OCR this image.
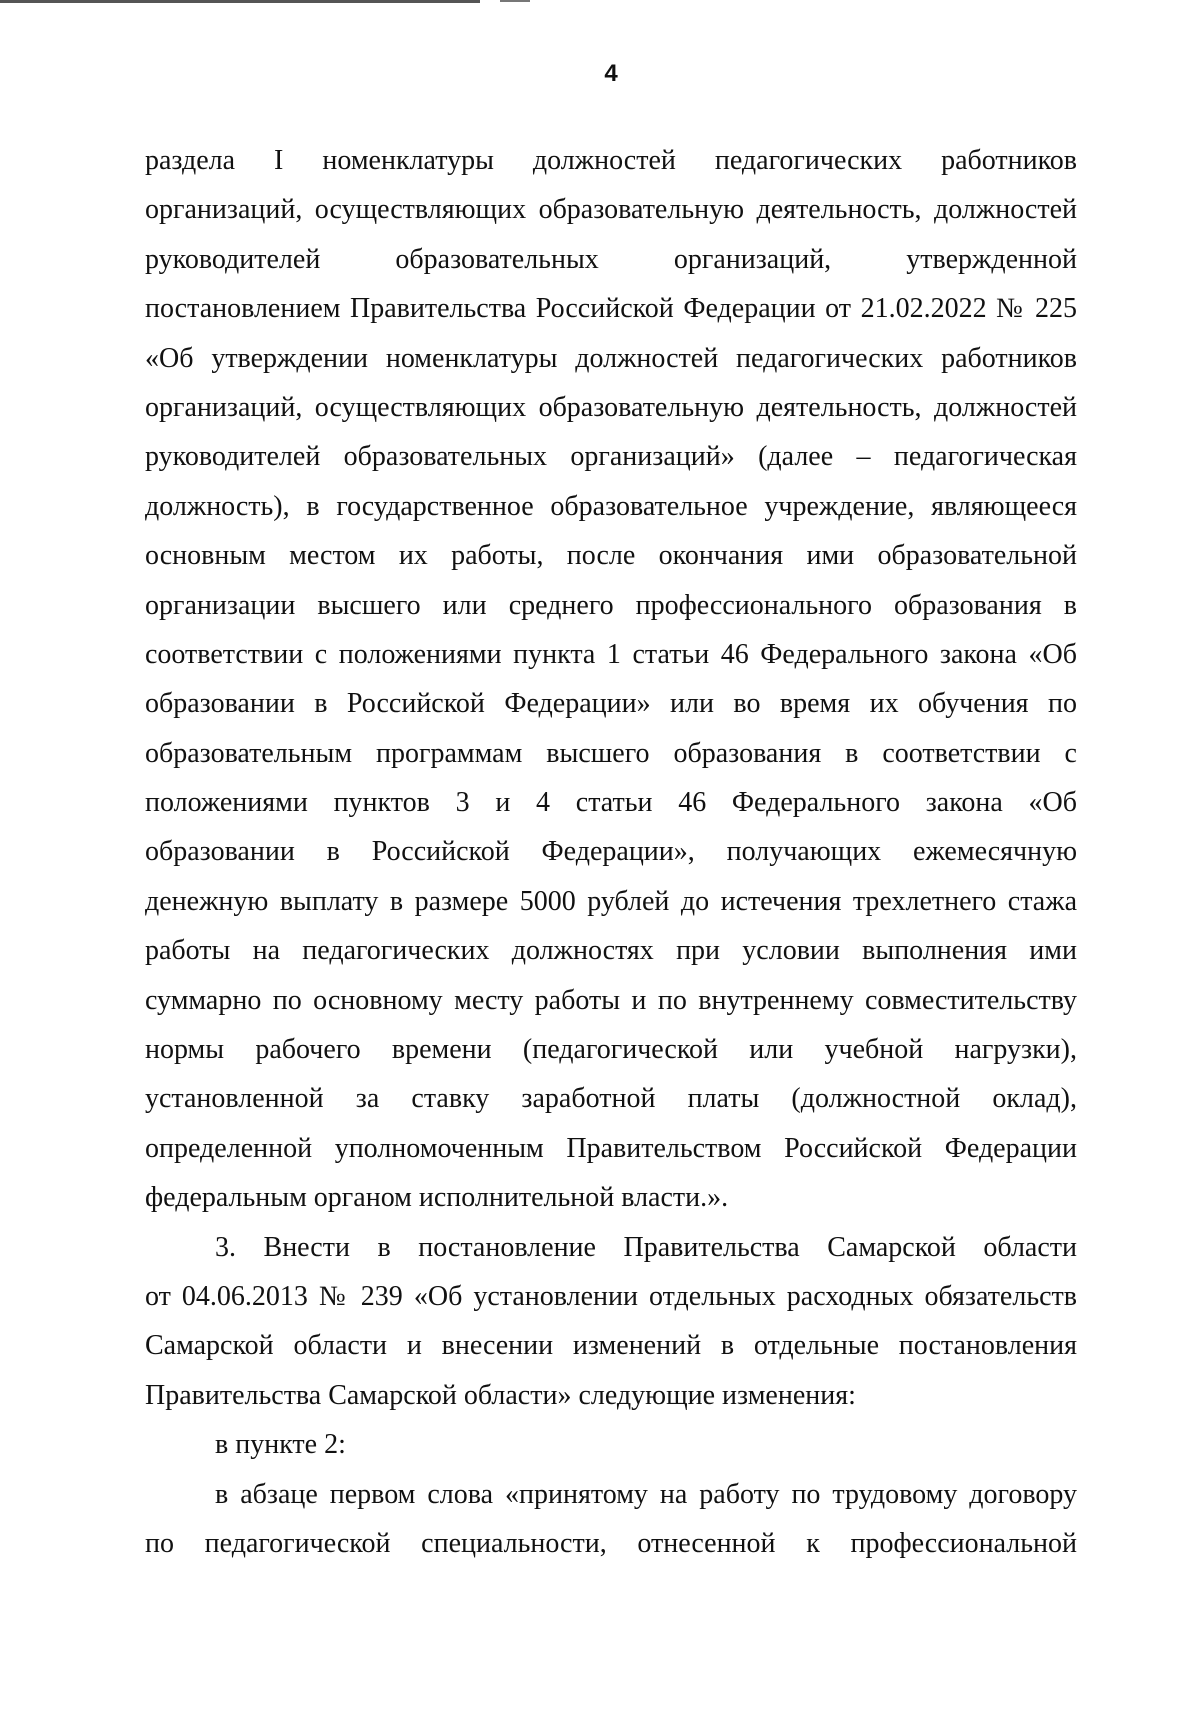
4
раздела I номенклатуры должностей педагогических работников
организаций, осуществляющих образовательную деятельность, должностей
руководителей образовательных организаций, утвержденной
постановлением Правительства Российской Федерации от 21.02.2022 № 225
«Об утверждении номенклатуры должностей педагогических работников
организаций, осуществляющих образовательную деятельность, должностей
руководителей образовательных организаций» (далее – педагогическая
должность), в государственное образовательное учреждение, являющееся
основным местом их работы, после окончания ими образовательной
организации высшего или среднего профессионального образования в
соответствии с положениями пункта 1 статьи 46 Федерального закона «Об
образовании в Российской Федерации» или во время их обучения по
образовательным программам высшего образования в соответствии с
положениями пунктов 3 и 4 статьи 46 Федерального закона «Об
образовании в Российской Федерации», получающих ежемесячную
денежную выплату в размере 5000 рублей до истечения трехлетнего стажа
работы на педагогических должностях при условии выполнения ими
суммарно по основному месту работы и по внутреннему совместительству
нормы рабочего времени (педагогической или учебной нагрузки),
установленной за ставку заработной платы (должностной оклад),
определенной уполномоченным Правительством Российской Федерации
федеральным органом исполнительной власти.».
3. Внести в постановление Правительства Самарской области
от 04.06.2013 № 239 «Об установлении отдельных расходных обязательств
Самарской области и внесении изменений в отдельные постановления
Правительства Самарской области» следующие изменения:
в пункте 2:
в абзаце первом слова «принятому на работу по трудовому договору
по педагогической специальности, отнесенной к профессиональной
